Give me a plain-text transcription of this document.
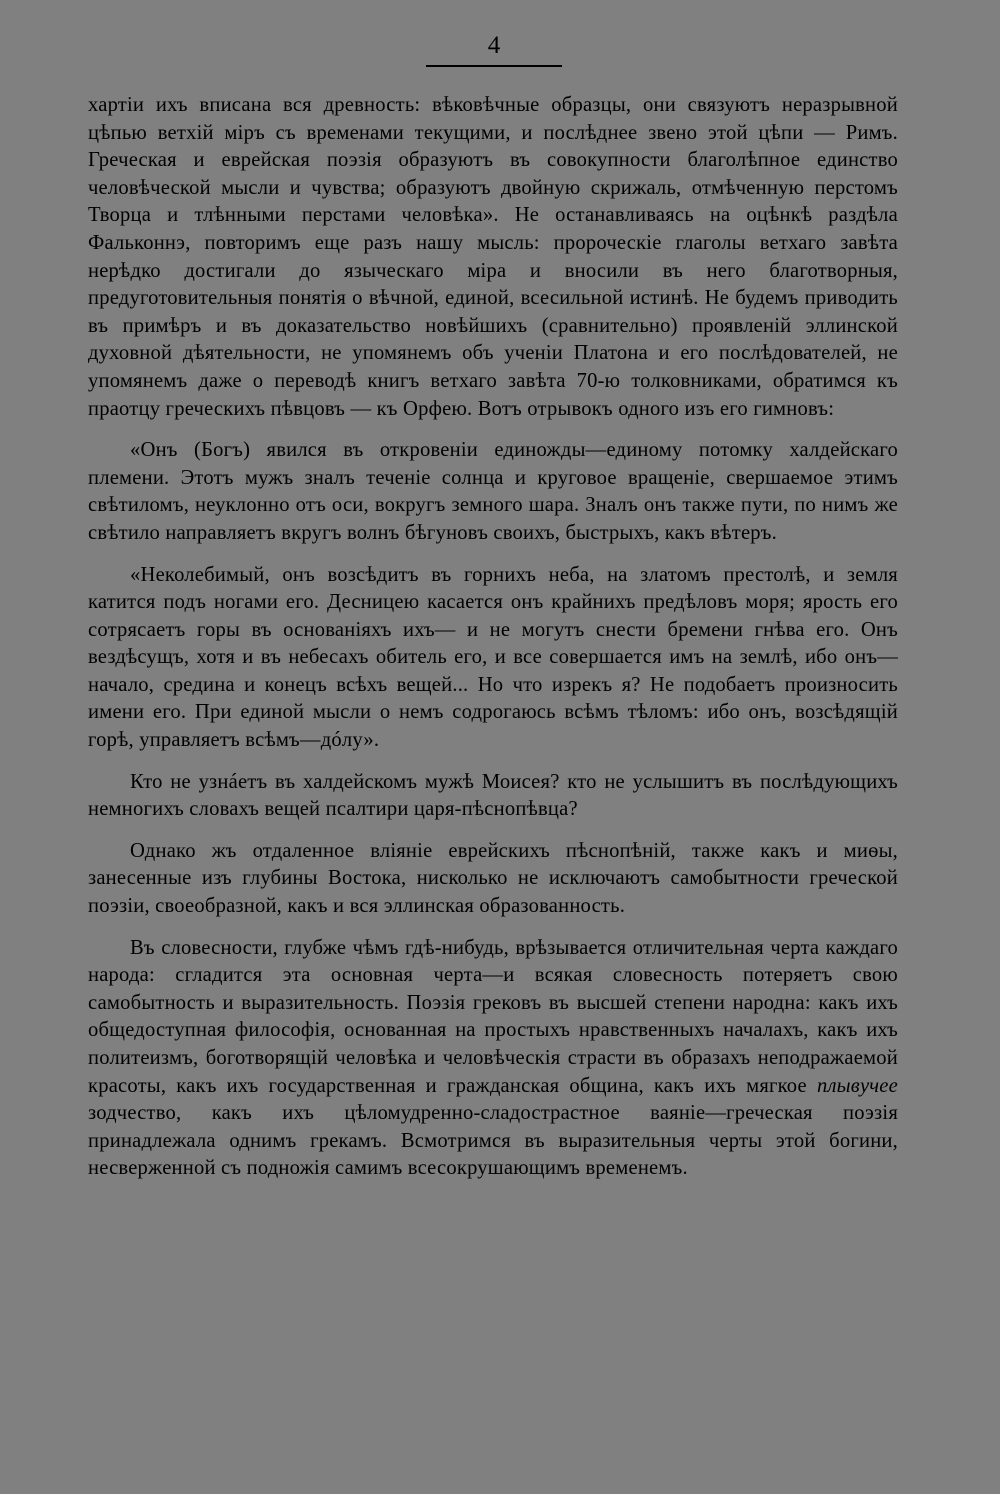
4

хартіи ихъ вписана вся древность: вѣковѣчные образцы, они связуютъ неразрывной цѣпью ветхій міръ съ временами текущими, и послѣднее звено этой цѣпи — Римъ. Греческая и еврейская поэзія образуютъ въ совокупности благолѣпное единство человѣческой мысли и чувства; образуютъ двойную скрижаль, отмѣченную перстомъ Творца и тлѣнными перстами человѣка». Не останавливаясь на оцѣнкѣ раздѣла Фальконнэ, повторимъ еще разъ нашу мысль: пророческіе глаголы ветхаго завѣта нерѣдко достигали до языческаго міра и вносили въ него благотворныя, предуготовительныя понятія о вѣчной, единой, всесильной истинѣ. Не будемъ приводить въ примѣръ и въ доказательство новѣйшихъ (сравнительно) проявленій эллинской духовной дѣятельности, не упомянемъ объ ученіи Платона и его послѣдователей, не упомянемъ даже о переводѣ книгъ ветхаго завѣта 70-ю толковниками, обратимся къ праотцу греческихъ пѣвцовъ — къ Орфею. Вотъ отрывокъ одного изъ его гимновъ:

«Онъ (Богъ) явился въ откровеніи единожды—единому потомку халдейскаго племени. Этотъ мужъ зналъ теченіе солнца и круговое вращеніе, свершаемое этимъ свѣтиломъ, неуклонно отъ оси, вокругъ земного шара. Зналъ онъ также пути, по нимъ же свѣтило направляетъ вкругъ волнъ бѣгуновъ своихъ, быстрыхъ, какъ вѣтеръ.

«Неколебимый, онъ возсѣдитъ въ горнихъ неба, на златомъ престолѣ, и земля катится подъ ногами его. Десницею касается онъ крайнихъ предѣловъ моря; ярость его сотрясаетъ горы въ основаніяхъ ихъ— и не могутъ снести бремени гнѣва его. Онъ вездѣсущъ, хотя и въ небесахъ обитель его, и все совершается имъ на землѣ, ибо онъ—начало, средина и конецъ всѣхъ вещей... Но что изрекъ я? Не подобаетъ произносить имени его. При единой мысли о немъ содрогаюсь всѣмъ тѣломъ: ибо онъ, возсѣдящій горѣ, управляетъ всѣмъ—дóлу».

Кто не узнáетъ въ халдейскомъ мужѣ Моисея? кто не услышитъ въ послѣдующихъ немногихъ словахъ вещей псалтири царя-пѣснопѣвца?

Однако жъ отдаленное вліяніе еврейскихъ пѣснопѣній, также какъ и миѳы, занесенные изъ глубины Востока, нисколько не исключаютъ самобытности греческой поэзіи, своеобразной, какъ и вся эллинская образованность.

Въ словесности, глубже чѣмъ гдѣ-нибудь, врѣзывается отличительная черта каждаго народа: сгладится эта основная черта—и всякая словесность потеряетъ свою самобытность и выразительность. Поэзія грековъ въ высшей степени народна: какъ ихъ общедоступная философія, основанная на простыхъ нравственныхъ началахъ, какъ ихъ политеизмъ, боготворящій человѣка и человѣческія страсти въ образахъ неподражаемой красоты, какъ ихъ государственная и гражданская община, какъ ихъ мягкое плывучее зодчество, какъ ихъ цѣломудренно-сладострастное ваяніе—греческая поэзія принадлежала однимъ грекамъ. Всмотримся въ выразительныя черты этой богини, несверженной съ подножія самимъ всесокрушающимъ временемъ.
